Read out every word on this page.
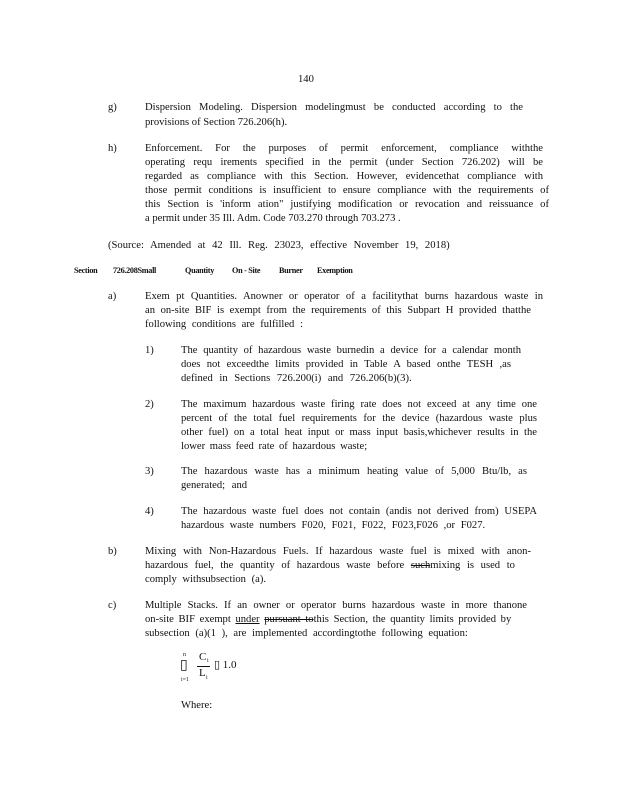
140
g)	Dispersion Modeling. Dispersion modelingmust be conducted according to the
provisions of Section 726.206(h).
h)	Enforcement. For the purposes of permit enforcement, compliance withthe
operating requ irements specified in the permit (under Section 726.202) will be
regarded as compliance with this Section. However, evidencethat compliance with
those permit conditions is insufficient to ensure compliance with the requirements of
this Section is 'inform ation" justifying modification or revocation and reissuance of
a permit under 35 Ill. Adm. Code 703.270 through 703.273 .
(Source: Amended at 42 Ill. Reg. 23023, effective November 19, 2018)
Section 726.208Small	Quantity On - Site Burner Exemption
a)	Exem pt Quantities. Anowner or operator of a facilitythat burns hazardous waste in
an on-site BIF is exempt from the requirements of this Subpart H provided thatthe
following conditions are fulfilled :
1)	The quantity of hazardous waste burnedin a device for a calendar month
does not exceedthe limits provided in Table A based onthe TESH ,as
defined in Sections 726.200(i) and 726.206(b)(3).
2)	The maximum hazardous waste firing rate does not exceed at any time one
percent of the total fuel requirements for the device (hazardous waste plus
other fuel) on a total heat input or mass input basis,whichever results in the
lower mass feed rate of hazardous waste;
3)	The hazardous waste has a minimum heating value of 5,000 Btu/lb, as
generated; and
4)	The hazardous waste fuel does not contain (andis not derived from) USEPA
hazardous waste numbers F020, F021, F022, F023,F026 ,or F027.
b)	Mixing with Non-Hazardous Fuels. If hazardous waste fuel is mixed with anon-
hazardous fuel, the quantity of hazardous waste before suchmixing is used to
comply withsubsection (a).
c)	Multiple Stacks. If an owner or operator burns hazardous waste in more thanone
on-site BIF exempt under pursuant tothis Section, the quantity limits provided by
subsection (a)(1 ), are implemented accordingtothe following equation:
n
▯
i=1
C i
L i
▯ 1.0
Where:
